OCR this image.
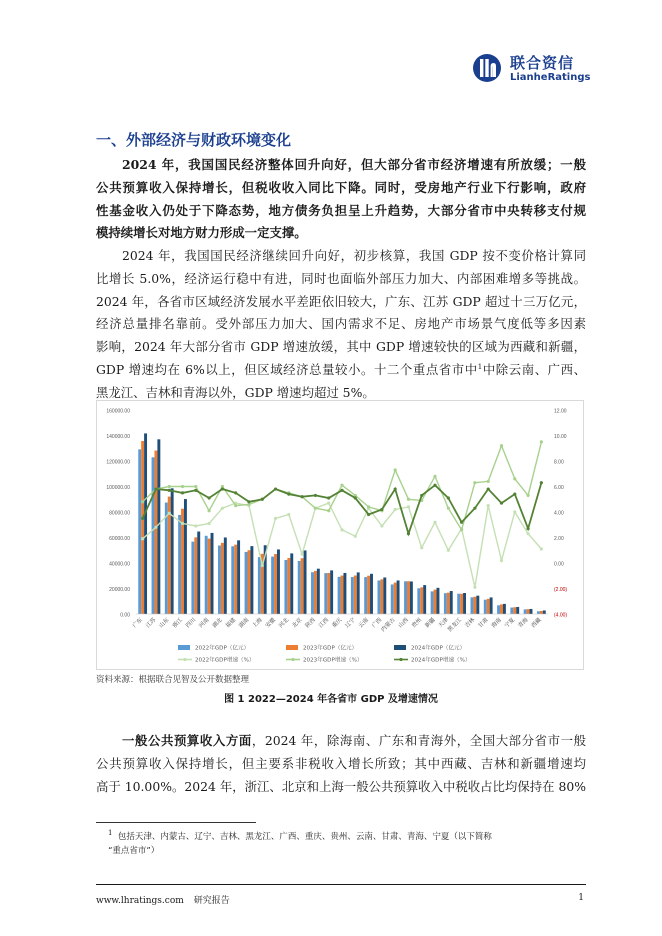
联合资信
LianheRatings
一、外部经济与财政环境变化
2024 年，我国国民经济整体回升向好，但大部分省市经济增速有所放缓；一般
公共预算收入保持增长，但税收收入同比下降。同时，受房地产行业下行影响，政府
性基金收入仍处于下降态势，地方债务负担呈上升趋势，大部分省市中央转移支付规
模持续增长对地方财力形成一定支撑。
2024 年，我国国民经济继续回升向好，初步核算，我国 GDP 按不变价格计算同
比增长 5.0%，经济运行稳中有进，同时也面临外部压力加大、内部困难增多等挑战。
2024 年，各省市区域经济发展水平差距依旧较大，广东、江苏 GDP 超过十三万亿元，
经济总量排名靠前。受外部压力加大、国内需求不足、房地产市场景气度低等多因素
影响，2024 年大部分省市 GDP 增速放缓，其中 GDP 增速较快的区域为西藏和新疆，
GDP 增速均在 6%以上，但区域经济总量较小。十二个重点省市中$^1$中除云南、广西、
黑龙江、吉林和青海以外，GDP 增速均超过 5%。
160000.00
140000.00
120000.00
100000.00
80000.00
60000.00
40000.00
20000.00
0.00
12.00
10.00
8.00
6.00
4.00
2.00
0.00
(2.00)
(4.00)
广东 江苏 山东 浙江 四川 河南 湖北 福建 湖南 上海 安徽 河北 北京 陕西 江西 重庆 辽宁 云南 广西
内蒙古 山西 贵州 新疆 天津
黑龙江 吉林 甘肃 海南 宁夏 青海 西藏
2022年GDP（亿元）	2023年GDP（亿元）	2024年GDP（亿元）
2022年GDP增速（%）	2023年GDP增速（%）	2024年GDP增速（%）
资料来源：根据联合见智及公开数据整理
图 1 2022—2024 年各省市 GDP 及增速情况
一般公共预算收入方面，2024 年，除海南、广东和青海外，全国大部分省市一般
公共预算收入保持增长，但主要系非税收入增长所致；其中西藏、吉林和新疆增速均
高于 10.00%。2024 年，浙江、北京和上海一般公共预算收入中税收占比均保持在 80%
$^1$ 包括天津、内蒙古、辽宁、吉林、黑龙江、广西、重庆、贵州、云南、甘肃、青海、宁夏（以下简称
“重点省市”）
www.lhratings.com 研究报告	1
